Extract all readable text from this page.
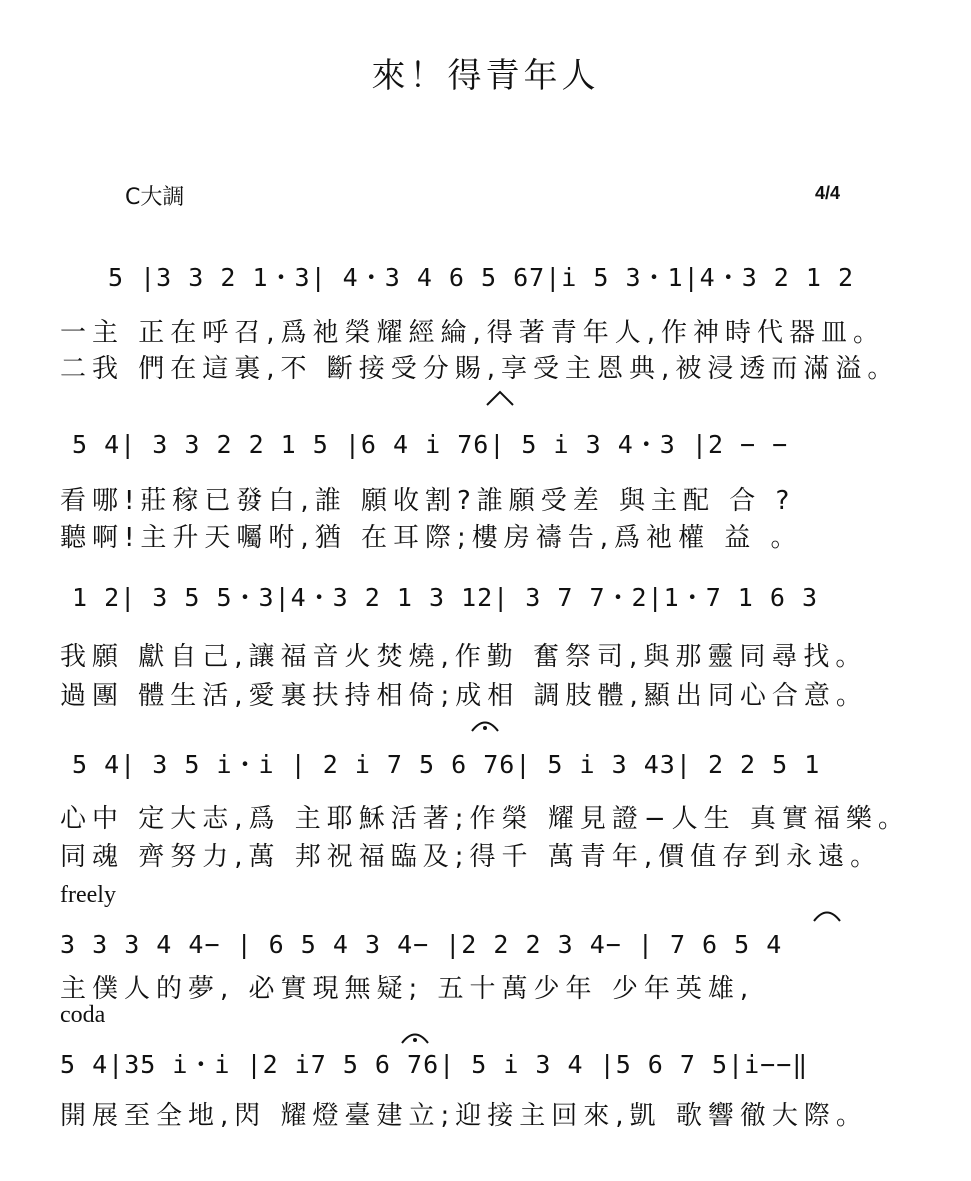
來！得青年人
C大調	4/4
5 |3 3 2 1・3| 4・3 4 6 5 67|i 5 3・1|4・3 2 1 2
一主 正在呼召,爲祂榮耀經綸,得著青年人,作神時代器皿。
二我 們在這裏,不 斷接受分賜,享受主恩典,被浸透而滿溢。
5 4| 3 3 2 2 1 5 |6 4 i 76| 5 i 3 4・3 |2 − −
看哪!莊稼已發白,誰 願收割?誰願受差 與主配 合 ?
聽啊!主升天囑咐,猶 在耳際;樓房禱告,爲祂權 益 。
1 2| 3 5 5・3|4・3 2 1 3 12| 3 7 7・2|1・7 1 6 3
我願 獻自己,讓福音火焚燒,作勤 奮祭司,與那靈同尋找。
過團 體生活,愛裏扶持相倚;成相 調肢體,顯出同心合意。
5 4| 3 5 i・i | 2 i 7 5 6 76| 5 i 3 43| 2 2 5 1
心中 定大志,爲 主耶穌活著;作榮 耀見證−人生 真實福樂。
同魂 齊努力,萬 邦祝福臨及;得千 萬青年,價值存到永遠。
freely
3 3 3 4 4− | 6 5 4 3 4− |2 2 2 3 4− | 7 6 5 4
主僕人的夢, 必實現無疑; 五十萬少年 少年英雄,
coda
5 4|35 i・i |2 i7 5 6 76| 5 i 3 4 |5 6 7 5|i−−‖
開展至全地,閃 耀燈臺建立;迎接主回來,凱 歌響徹大際。
